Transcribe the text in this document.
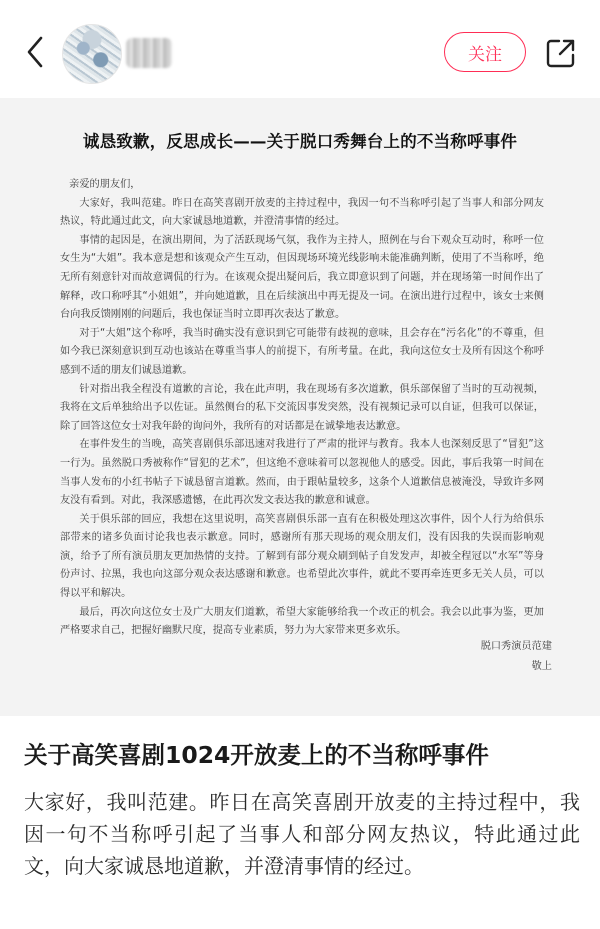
关注
诚恳致歉，反思成长——关于脱口秀舞台上的不当称呼事件

亲爱的朋友们，

大家好，我叫范建。昨日在高笑喜剧开放麦的主持过程中，我因一句不当称呼引起了当事人和部分网友热议，特此通过此文，向大家诚恳地道歉，并澄清事情的经过。

事情的起因是，在演出期间，为了活跃现场气氛，我作为主持人，照例在与台下观众互动时，称呼一位女生为“大姐”。我本意是想和该观众产生互动，但因现场环境光线影响未能准确判断，使用了不当称呼，绝无所有刻意针对而故意调侃的行为。在该观众提出疑问后，我立即意识到了问题，并在现场第一时间作出了解释，改口称呼其“小姐姐”，并向她道歉，且在后续演出中再无提及一词。在演出进行过程中，该女士来侧台向我反馈刚刚的问题后，我也保证当时立即再次表达了歉意。

对于“大姐”这个称呼，我当时确实没有意识到它可能带有歧视的意味，且会存在“污名化”的不尊重，但如今我已深刻意识到互动也该站在尊重当事人的前提下，有所考量。在此，我向这位女士及所有因这个称呼感到不适的朋友们诚恳道歉。

针对指出我全程没有道歉的言论，我在此声明，我在现场有多次道歉，俱乐部保留了当时的互动视频，我将在文后单独给出予以佐证。虽然侧台的私下交流因事发突然，没有视频记录可以自证，但我可以保证，除了回答这位女士对我年龄的询问外，我所有的对话都是在诚挚地表达歉意。

在事件发生的当晚，高笑喜剧俱乐部迅速对我进行了严肃的批评与教育。我本人也深刻反思了“冒犯”这一行为。虽然脱口秀被称作“冒犯的艺术”，但这绝不意味着可以忽视他人的感受。因此，事后我第一时间在当事人发布的小红书帖子下诚恳留言道歉。然而，由于跟帖量较多，这条个人道歉信息被淹没，导致许多网友没有看到。对此，我深感遗憾，在此再次发文表达我的歉意和诚意。

关于俱乐部的回应，我想在这里说明，高笑喜剧俱乐部一直有在积极处理这次事件，因个人行为给俱乐部带来的诸多负面讨论我也表示歉意。同时，感谢所有那天现场的观众朋友们，没有因我的失误而影响观演，给予了所有演员朋友更加热情的支持。了解到有部分观众刷到帖子自发发声，却被全程冠以“水军”等身份声讨、拉黑，我也向这部分观众表达感谢和歉意。也希望此次事件，就此不要再牵连更多无关人员，可以得以平和解决。

最后，再次向这位女士及广大朋友们道歉，希望大家能够给我一个改正的机会。我会以此事为鉴，更加严格要求自己，把握好幽默尺度，提高专业素质，努力为大家带来更多欢乐。

脱口秀演员范建
敬上
关于高笑喜剧1024开放麦上的不当称呼事件
大家好，我叫范建。昨日在高笑喜剧开放麦的主持过程中，我因一句不当称呼引起了当事人和部分网友热议，特此通过此文，向大家诚恳地道歉，并澄清事情的经过。
